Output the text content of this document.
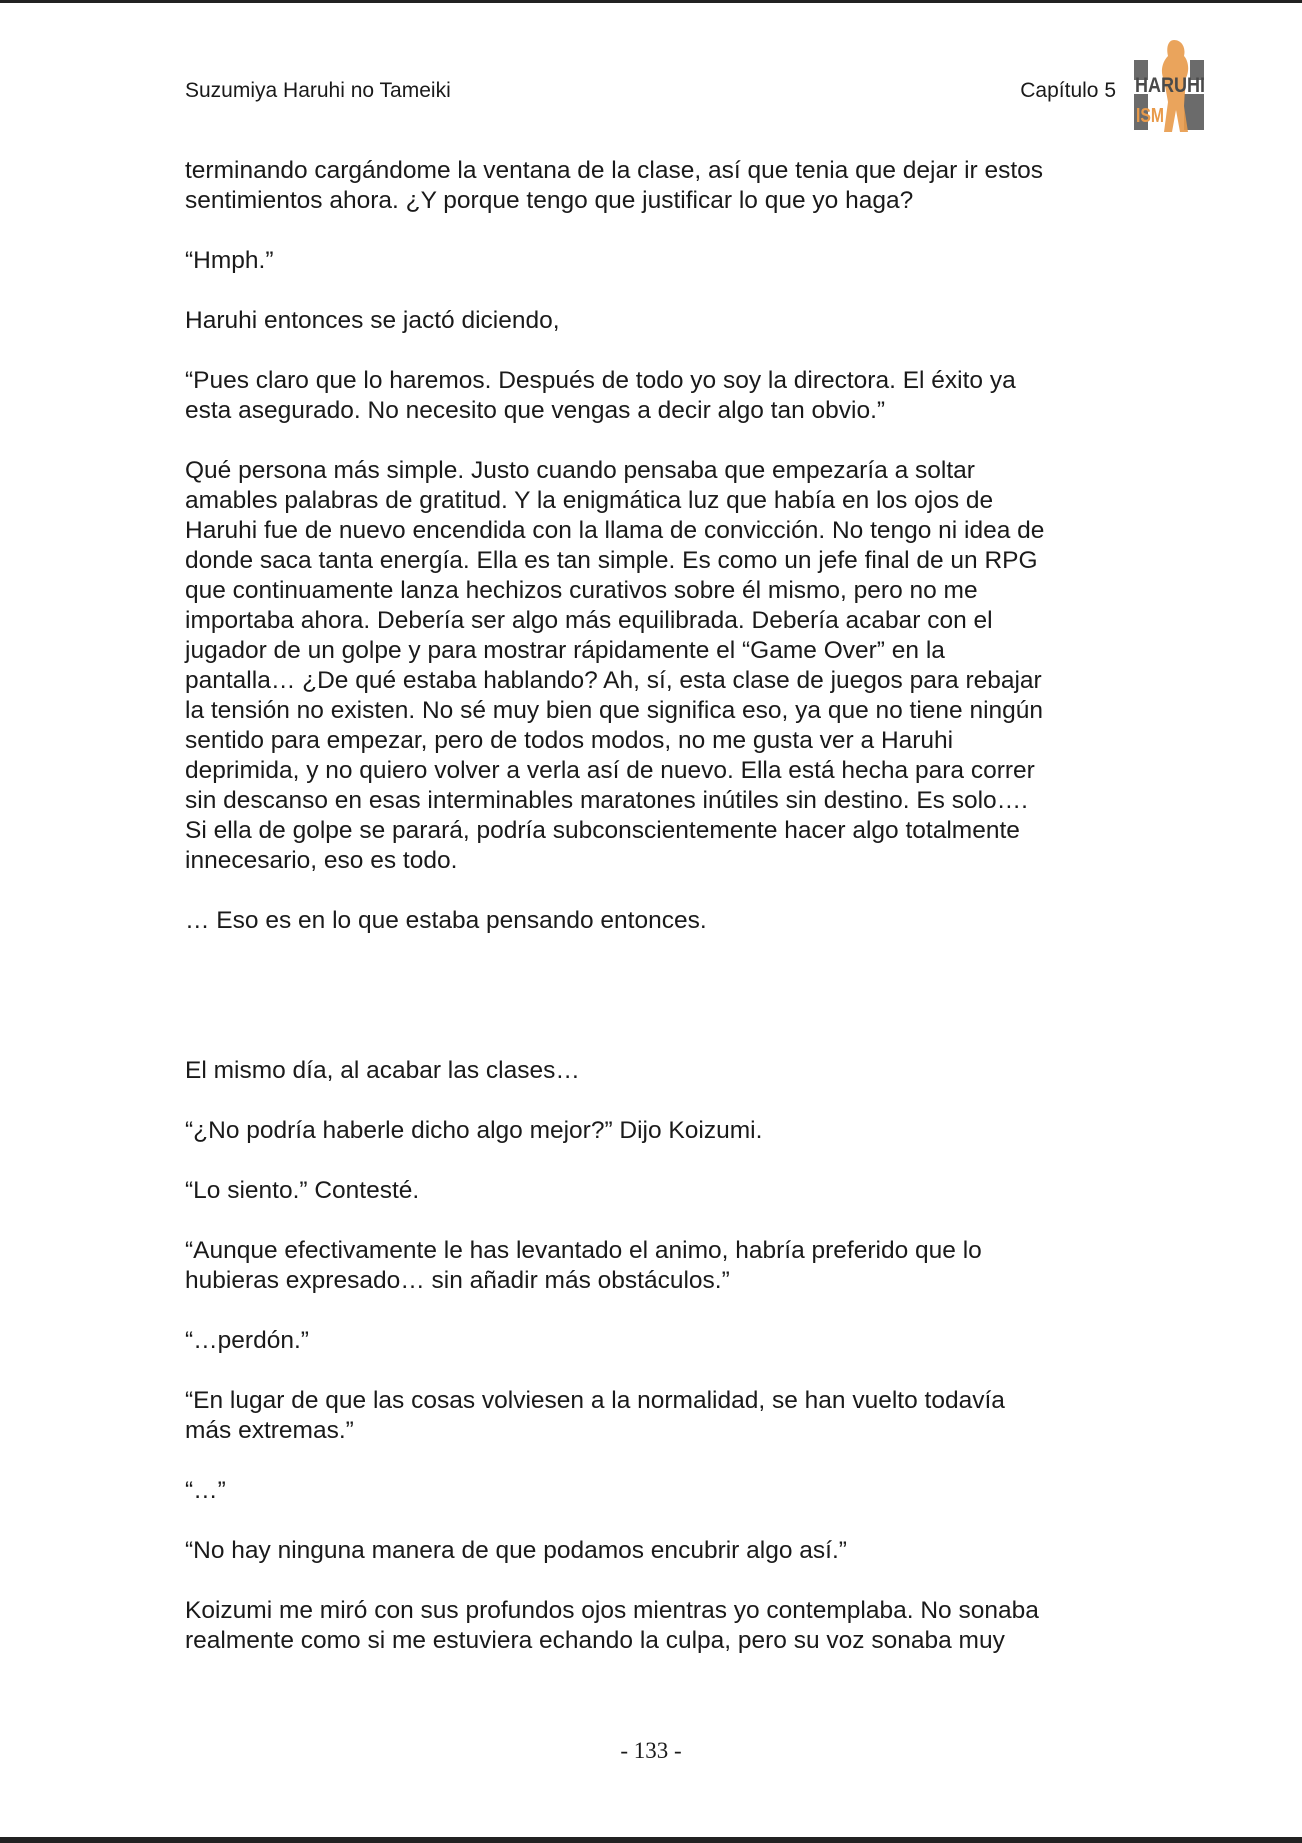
Suzumiya Haruhi no Tameiki	Capítulo 5 HARUHI
ISM

terminando cargándome la ventana de la clase, así que tenia que dejar ir estos
sentimientos ahora. ¿Y porque tengo que justificar lo que yo haga?

“Hmph.”

Haruhi entonces se jactó diciendo,

“Pues claro que lo haremos. Después de todo yo soy la directora. El éxito ya
esta asegurado. No necesito que vengas a decir algo tan obvio.”

Qué persona más simple. Justo cuando pensaba que empezaría a soltar
amables palabras de gratitud. Y la enigmática luz que había en los ojos de
Haruhi fue de nuevo encendida con la llama de convicción. No tengo ni idea de
donde saca tanta energía. Ella es tan simple. Es como un jefe final de un RPG
que continuamente lanza hechizos curativos sobre él mismo, pero no me
importaba ahora. Debería ser algo más equilibrada. Debería acabar con el
jugador de un golpe y para mostrar rápidamente el “Game Over” en la
pantalla… ¿De qué estaba hablando? Ah, sí, esta clase de juegos para rebajar
la tensión no existen. No sé muy bien que significa eso, ya que no tiene ningún
sentido para empezar, pero de todos modos, no me gusta ver a Haruhi
deprimida, y no quiero volver a verla así de nuevo. Ella está hecha para correr
sin descanso en esas interminables maratones inútiles sin destino. Es solo….
Si ella de golpe se parará, podría subconscientemente hacer algo totalmente
innecesario, eso es todo.

… Eso es en lo que estaba pensando entonces.

El mismo día, al acabar las clases…

“¿No podría haberle dicho algo mejor?” Dijo Koizumi.

“Lo siento.” Contesté.

“Aunque efectivamente le has levantado el animo, habría preferido que lo
hubieras expresado… sin añadir más obstáculos.”

“…perdón.”

“En lugar de que las cosas volviesen a la normalidad, se han vuelto todavía
más extremas.”

“…”

“No hay ninguna manera de que podamos encubrir algo así.”

Koizumi me miró con sus profundos ojos mientras yo contemplaba. No sonaba
realmente como si me estuviera echando la culpa, pero su voz sonaba muy

- 133 -
